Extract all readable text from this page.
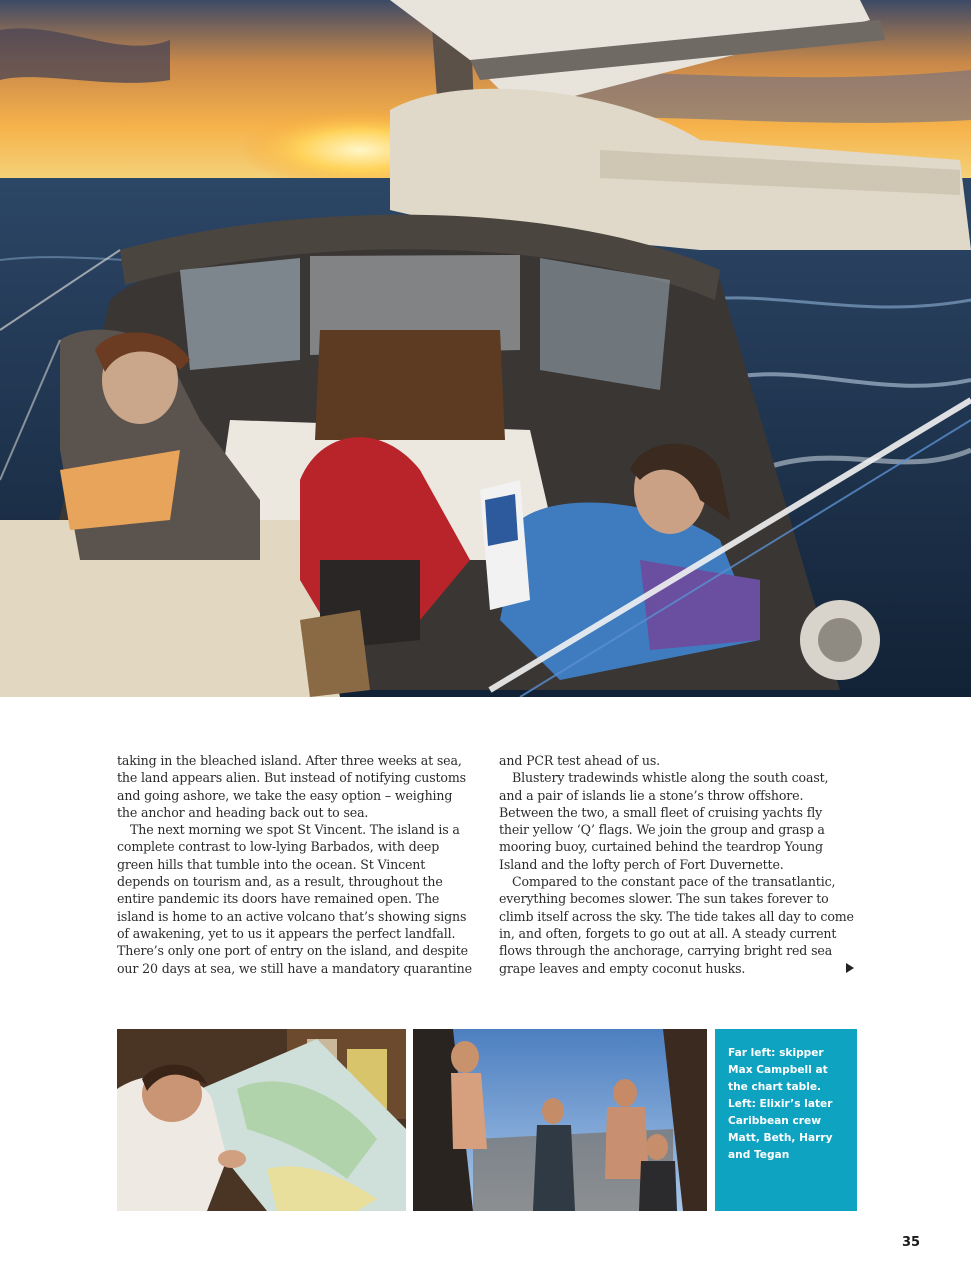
taking in the bleached island. After three weeks at sea, the land appears alien. But instead of notifying customs and going ashore, we take the easy option – weighing the anchor and heading back out to sea.

The next morning we spot St Vincent. The island is a complete contrast to low-lying Barbados, with deep green hills that tumble into the ocean. St Vincent depends on tourism and, as a result, throughout the entire pandemic its doors have remained open. The island is home to an active volcano that’s showing signs of awakening, yet to us it appears the perfect landfall. There’s only one port of entry on the island, and despite our 20 days at sea, we still have a mandatory quarantine

and PCR test ahead of us.

Blustery tradewinds whistle along the south coast, and a pair of islands lie a stone’s throw offshore. Between the two, a small fleet of cruising yachts fly their yellow ‘Q’ flags. We join the group and grasp a mooring buoy, curtained behind the teardrop Young Island and the lofty perch of Fort Duvernette.

Compared to the constant pace of the transatlantic, everything becomes slower. The sun takes forever to climb itself across the sky. The tide takes all day to come in, and often, forgets to go out at all. A steady current flows through the anchorage, carrying bright red sea grape leaves and empty coconut husks.

Far left: skipper Max Campbell at the chart table. Left: Elixir’s later Caribbean crew Matt, Beth, Harry and Tegan
35
